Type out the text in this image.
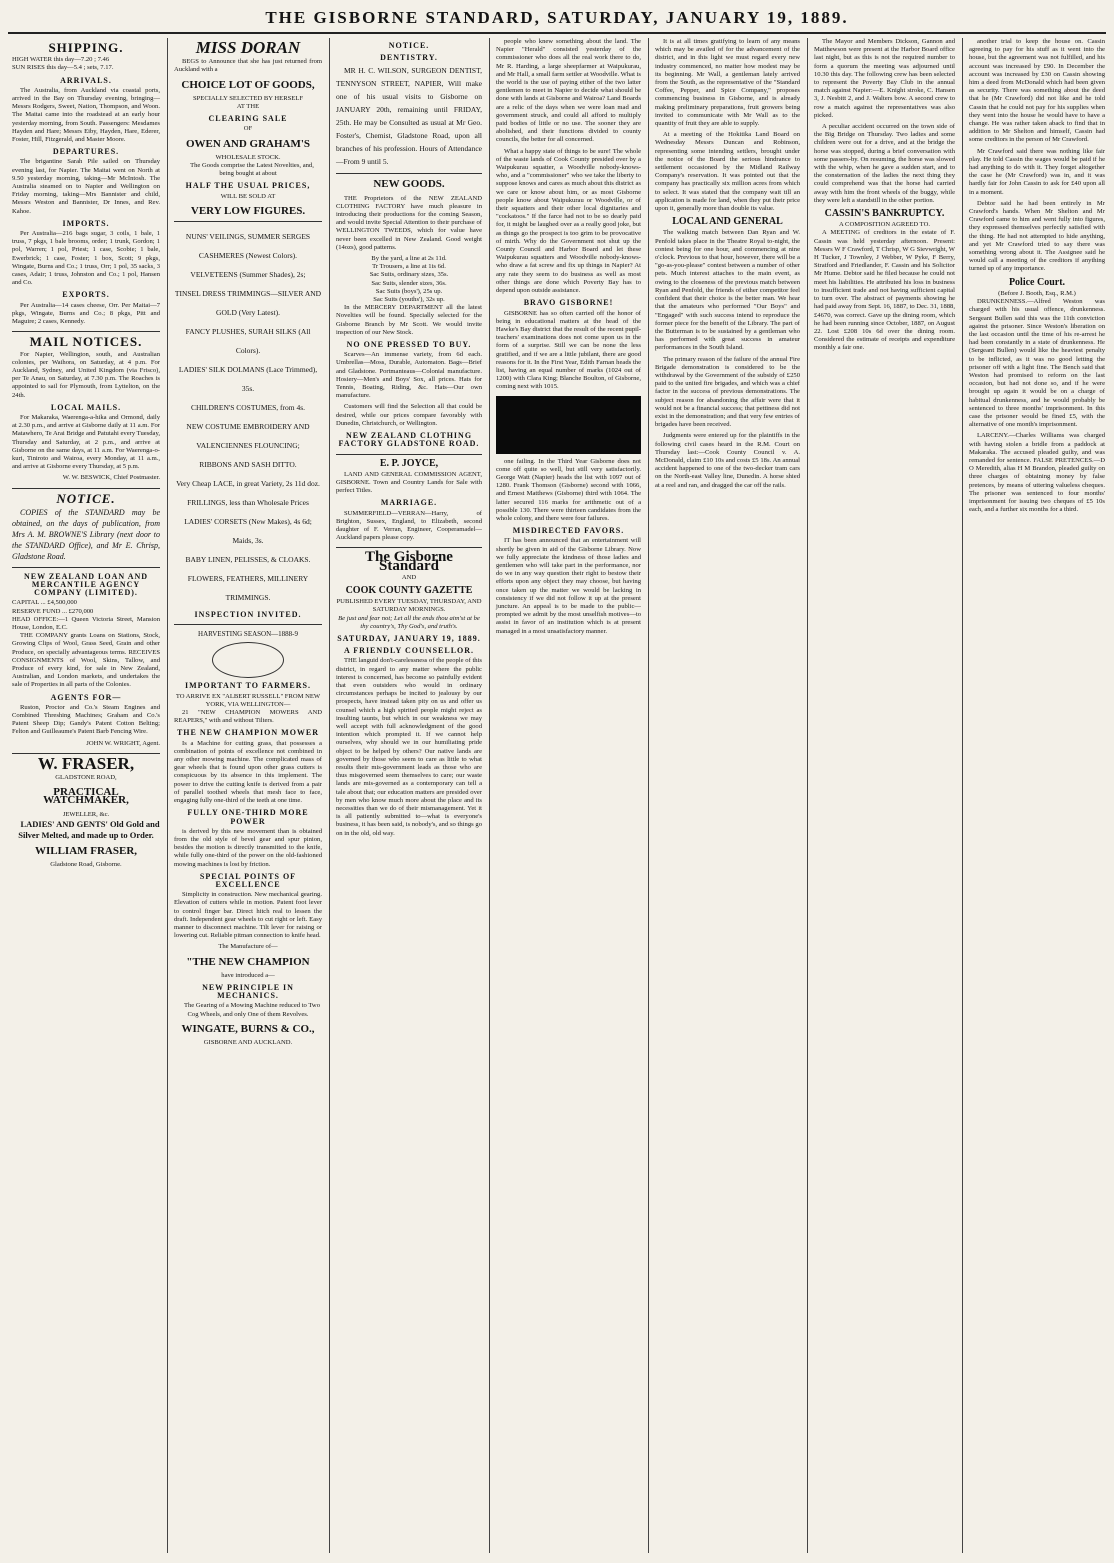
THE GISBORNE STANDARD, SATURDAY, JANUARY 19, 1889.
SHIPPING.
HIGH WATER this day—7.20 ; 7.46
SUN RISES this day—5.4 ; sets, 7.17.
ARRIVALS.

The Australia, from Auckland via coastal ports, arrived in the Bay on Thursday evening, bringing—Messrs Rodgers, Sweet, Nation, Thompson, and Woon. The Maitai came into the roadstead at an early hour yesterday morning, from South. Passengers: Mesdames Hayden and Hare; Messrs Eiby, Hayden, Hare, Ederer, Foster, Hill, Fitzgerald, and Master Moore.

DEPARTURES.

The brigantine Sarah Pile sailed on Thursday evening last, for Napier. The Maitai went on North at 9.50 yesterday morning, taking—Mr McIntosh. The Australia steamed on to Napier and Wellington on Friday morning, taking—Mrs Bannister and child, Messrs Weston and Bannister, Dr Innes, and Rev. Kahoe.

IMPORTS.

Per Australia—216 bags sugar, 3 coils, 1 bale, 1 truss, 7 pkgs, 1 bale brooms, order; 1 trunk, Gordon; 1 pol, Warren; 1 pol, Priest; 1 case, Scobie; 1 bale, Ewerbrick; 1 case, Foster; 1 box, Scott; 9 pkgs, Wingate, Burns and Co.; 1 truss, Orr; 1 pol, 35 sacks, 3 cases, Adair; 1 truss, Johnston and Co.; 1 pol, Hansen and Co.

EXPORTS.

Per Australia—14 cases cheese, Orr. Per Maitai—7 pkgs, Wingate, Burns and Co.; 8 pkgs, Pitt and Maguire; 2 cases, Kennedy.

MAIL NOTICES.

For Napier, Wellington, south, and Australian colonies, per Waihora, on Saturday, at 4 p.m. For Auckland, Sydney, and United Kingdom (via Frisco), per Te Anau, on Saturday, at 7.30 p.m. The Roaches is appointed to sail for Plymouth, from Lyttelton, on the 24th.

LOCAL MAILS.

For Makaraka, Waerenga-a-hika and Ormond, daily at 2.30 p.m., and arrive at Gisborne daily at 11 a.m. For Matawhero, Te Arai Bridge and Patutahi every Tuesday, Thursday and Saturday, at 2 p.m., and arrive at Gisborne on the same days, at 11 a.m. For Waerenga-o-kuri, Tiniroto and Wairoa, every Monday, at 11 a.m., and arrive at Gisborne every Thursday, at 5 p.m.

W. W. BESWICK, Chief Postmaster.
NOTICE.

COPIES of the STANDARD may be obtained, on the days of publication, from Mrs A. M. BROWNE'S Library (next door to the STANDARD Office), and Mr E. Chrisp, Gladstone Road.

NEW ZEALAND LOAN AND MERCANTILE AGENCY COMPANY (LIMITED).
CAPITAL ... £4,500,000
RESERVE FUND ... £270,000
HEAD OFFICE:—1 Queen Victoria Street, Mansion House, London, E.C.

THE COMPANY grants Loans on Stations, Stock, Growing Clips of Wool, Grass Seed, Grain and other Produce, on specially advantageous terms. RECEIVES CONSIGNMENTS of Wool, Skins, Tallow, and Produce of every kind, for sale in New Zealand, Australian, and London markets, and undertakes the sale of Properties in all parts of the Colonies.

AGENTS FOR—

Ruston, Proctor and Co.'s Steam Engines and Combined Threshing Machines; Graham and Co.'s Patent Sheep Dip; Gandy's Patent Cotton Belting; Felton and Guilleaume's Patent Barb Fencing Wire.

JOHN W. WRIGHT, Agent.
W. FRASER,
GLADSTONE ROAD,
PRACTICAL WATCHMAKER,
JEWELLER, &c.

LADIES' AND GENTS' Old Gold and Silver Melted, and made up to Order.

WILLIAM FRASER,
Gladstone Road, Gisborne.
MISS DORAN

BEGS to Announce that she has just returned from Auckland with a

CHOICE LOT OF GOODS,
SPECIALLY SELECTED BY HERSELF
AT THE
CLEARING SALE
OF
OWEN AND GRAHAM'S
WHOLESALE STOCK.

The Goods comprise the Latest Novelties, and, being bought at about

HALF THE USUAL PRICES,
WILL BE SOLD AT
VERY LOW FIGURES.
NUNS' VEILINGS, SUMMER SERGES
CASHMERES (Newest Colors).
VELVETEENS (Summer Shades), 2s;
TINSEL DRESS TRIMMINGS—SILVER AND GOLD (Very Latest).
FANCY PLUSHES, SURAH SILKS (All Colors).
LADIES' SILK DOLMANS (Lace Trimmed), 35s.
CHILDREN'S COSTUMES, from 4s.
NEW COSTUME EMBROIDERY AND VALENCIENNES FLOUNCING;
RIBBONS AND SASH DITTO.
Very Cheap LACE, in great Variety, 2s 11d doz.
FRILLINGS, less than Wholesale Prices
LADIES' CORSETS (New Makes), 4s 6d; Maids, 3s.
BABY LINEN, PELISSES, & CLOAKS.
FLOWERS, FEATHERS, MILLINERY TRIMMINGS.
INSPECTION INVITED.
HARVESTING SEASON—1888-9
IMPORTANT TO FARMERS.
TO ARRIVE EX "ALBERT RUSSELL" FROM NEW YORK, VIA WELLINGTON—

21 "NEW CHAMPION MOWERS AND REAPERS," with and without Tilters.

THE NEW CHAMPION MOWER

Is a Machine for cutting grass, that possesses a combination of points of excellence not combined in any other mowing machine. The complicated mass of gear wheels that is found upon other grass cutters is conspicuous by its absence in this implement. The power to drive the cutting knife is derived from a pair of parallel toothed wheels that mesh face to face, engaging fully one-third of the teeth at one time.

FULLY ONE-THIRD MORE POWER

is derived by this new movement than is obtained from the old style of bevel gear and spur pinion, besides the motion is directly transmitted to the knife, while fully one-third of the power on the old-fashioned mowing machines is lost by friction.

SPECIAL POINTS OF EXCELLENCE

Simplicity in construction. New mechanical gearing. Elevation of cutters while in motion. Patent foot lever to control finger bar. Direct hitch real to lessen the draft. Independent gear wheels to cut right or left. Easy manner to disconnect machine. Tilt lever for raising or lowering cut. Reliable pitman connection to knife head.

The Manufacture of—
"THE NEW CHAMPION
have introduced a—
NEW PRINCIPLE IN MECHANICS.

The Gearing of a Mowing Machine reduced to Two Cog Wheels, and only One of them Revolves.

WINGATE, BURNS & CO.,
GISBORNE AND AUCKLAND.
NOTICE.
DENTISTRY.

MR H. C. WILSON, SURGEON DENTIST, TENNYSON STREET, NAPIER, Will make one of his usual visits to Gisborne on JANUARY 20th, remaining until FRIDAY, 25th. He may be Consulted as usual at Mr Geo. Foster's, Chemist, Gladstone Road, upon all branches of his profession. Hours of Attendance—From 9 until 5.

NEW GOODS.

THE Proprietors of the NEW ZEALAND CLOTHING FACTORY have much pleasure in introducing their productions for the coming Season, and would invite Special Attention to their purchase of WELLINGTON TWEEDS, which for value have never been excelled in New Zealand. Good weight (14ozs), good patterns.

By the yard, a line at 2s 11d.
Tr Trousers, a line at 1is 6d.
Sac Suits, ordinary sizes, 35s.
Sac Suits, slender sizes, 36s.
Sac Suits (boys'), 25s up.
Sac Suits (youths'), 32s up.

In the MERCERY DEPARTMENT all the latest Novelties will be found. Specially selected for the Gisborne Branch by Mr Scott. We would invite inspection of our New Stock.

NO ONE PRESSED TO BUY.

Scarves—An immense variety, from 6d each. Umbrellas—Moss, Durable, Automaton. Bags—Brief and Gladstone. Portmanteaus—Colonial manufacture. Hosiery—Men's and Boys' Sox, all prices. Hats for Tennis, Boating, Riding, &c. Hats—Our own manufacture.

Customers will find the Selection all that could be desired, while our prices compare favorably with Dunedin, Christchurch, or Wellington.

NEW ZEALAND CLOTHING FACTORY GLADSTONE ROAD.
E. P. JOYCE,

LAND AND GENERAL COMMISSION AGENT, GISBORNE. Town and Country Lands for Sale with perfect Titles.

MARRIAGE.

SUMMERFIELD—VERRAN—Harry, of Brighton, Sussex, England, to Elizabeth, second daughter of F. Verran, Engineer, Cooperamadel—Auckland papers please copy.

The Gisborne Standard
AND
COOK COUNTY GAZETTE
PUBLISHED EVERY TUESDAY, THURSDAY, AND SATURDAY MORNINGS.
Be just and fear not; Let all the ends thou aim'st at be thy country's, Thy God's, and truth's.
SATURDAY, JANUARY 19, 1889.
A FRIENDLY COUNSELLOR.

THE languid don't-carelessness of the people of this district, in regard to any matter where the public interest is concerned, has become so painfully evident that even outsiders who would in ordinary circumstances perhaps be incited to jealousy by our prospects, have instead taken pity on us and offer us counsel which a high spirited people might reject as insulting taunts, but which in our weakness we may well accept with full acknowledgment of the good intention which prompted it. If we cannot help ourselves, why should we in our humiliating pride object to be helped by others? Our native lands are governed by those who seem to care as little to what results their mis-government leads as those who are thus misgoverned seem themselves to care; our waste lands are mis-governed as a contemporary can tell a tale about that; our education matters are presided over by men who know much more about the place and its necessities than we do of their mismanagement. Yet it is all patiently submitted to—what is everyone's business, it has been said, is nobody's, and so things go on in the old, old way.

people who knew something about the land. The Napier "Herald" consisted yesterday of the commissioner who does all the real work there to do, Mr R. Harding, a large sheepfarmer at Waipukurau, and Mr Hall, a small farm settler at Woodville. What is the world is the use of paying either of the two latter gentlemen to meet in Napier to decide what should be done with lands at Gisborne and Wairoa? Land Boards are a relic of the days when we were loan mad and government struck, and could all afford to multiply paid bodies of little or no use. The sooner they are abolished, and their functions divided to county councils, the better for all concerned.

What a happy state of things to be sure! The whole of the waste lands of Cook County presided over by a Waipukurau squatter, a Woodville nobody-knows-who, and a "commissioner" who we take the liberty to suppose knows and cares as much about this district as we care or know about him, or as most Gisborne people know about Waipukurau or Woodville, or of their squatters and their other local dignitaries and "cockatoos." If the farce had not to be so dearly paid for, it might be laughed over as a really good joke, but as things go the prospect is too grim to be provocative of mirth. Why do the Government not shut up the County Council and Harbor Board and let these Waipukurau squatters and Woodville nobody-knows-who draw a fat screw and fix up things in Napier? At any rate they seem to do business as well as most other things are done which Poverty Bay has to depend upon outside assistance.

BRAVO GISBORNE!

GISBORNE has so often carried off the honor of being in educational matters at the head of the Hawke's Bay district that the result of the recent pupil-teachers' examinations does not come upon us in the form of a surprise. Still we can be none the less gratified, and if we are a little jubilant, there are good reasons for it. In the First Year, Edith Farnan heads the list, having an equal number of marks (1024 out of 1200) with Clara King; Blanche Boulton, of Gisborne, coming next with 1015.

one failing. In the Third Year Gisborne does not come off quite so well, but still very satisfactorily. George Watt (Napier) heads the list with 1097 out of 1280. Frank Thomson (Gisborne) second with 1066, and Ernest Matthews (Gisborne) third with 1064. The latter secured 116 marks for arithmetic out of a possible 130. There were thirteen candidates from the whole colony, and there were four failures.

MISDIRECTED FAVORS.

IT has been announced that an entertainment will shortly be given in aid of the Gisborne Library. Now we fully appreciate the kindness of those ladies and gentlemen who will take part in the performance, nor do we in any way question their right to bestow their efforts upon any object they may choose, but having once taken up the matter we would be lacking in consistency if we did not follow it up at the present juncture. An appeal is to be made to the public—prompted we admit by the most unselfish motives—to assist in favor of an institution which is at present managed in a most unsatisfactory manner.

It is at all times gratifying to learn of any means which may be availed of for the advancement of the district, and in this light we must regard every new industry commenced, no matter how modest may be its beginning. Mr Wall, a gentleman lately arrived from the South, as the representative of the "Standard Coffee, Pepper, and Spice Company," proposes commencing business in Gisborne, and is already making preliminary preparations, fruit growers being invited to communicate with Mr Wall as to the quantity of fruit they are able to supply.

At a meeting of the Hokitika Land Board on Wednesday Messrs Duncan and Robinson, representing some intending settlers, brought under the notice of the Board the serious hindrance to settlement occasioned by the Midland Railway Company's reservation. It was pointed out that the company has practically six million acres from which to select. It was stated that the company wait till an application is made for land, when they put their price upon it, generally more than double its value.

LOCAL AND GENERAL

The walking match between Dan Ryan and W. Penfold takes place in the Theatre Royal to-night, the contest being for one hour, and commencing at nine o'clock. Previous to that hour, however, there will be a "go-as-you-please" contest between a number of other pets. Much interest attaches to the main event, as owing to the closeness of the previous match between Ryan and Penfold, the friends of either competitor feel confident that their choice is the better man. We hear that the amateurs who performed "Our Boys" and "Engaged" with such success intend to reproduce the former piece for the benefit of the Library. The part of the Butterman is to be sustained by a gentleman who has performed with great success in amateur performances in the South Island.

The primary reason of the failure of the annual Fire Brigade demonstration is considered to be the withdrawal by the Government of the subsidy of £250 paid to the united fire brigades, and which was a chief factor in the success of previous demonstrations. The subject reason for abandoning the affair were that it would not be a financial success; that pettiness did not exist in the demonstration; and that very few entries of brigades have been received.

Judgments were entered up for the plaintiffs in the following civil cases heard in the R.M. Court on Thursday last:—Cook County Council v. A. McDonald, claim £10 10s and costs £5 18s. An annual accident happened to one of the two-decker tram cars on the North-east Valley line, Dunedin. A horse shied at a reel and ran, and dragged the car off the rails.

The Mayor and Members Dickson, Gannon and Matthewson were present at the Harbor Board office last night, but as this is not the required number to form a quorum the meeting was adjourned until 10.30 this day. The following crew has been selected to represent the Poverty Bay Club in the annual match against Napier:—E. Knight stroke, C. Hansen 3, J. Nesbitt 2, and J. Walters bow. A second crew to row a match against the representatives was also picked.

A peculiar accident occurred on the town side of the Big Bridge on Thursday. Two ladies and some children were out for a drive, and at the bridge the horse was stopped, during a brief conversation with some passers-by. On resuming, the horse was slowed with the whip, when he gave a sudden start, and to the consternation of the ladies the next thing they could comprehend was that the horse had carried away with him the front wheels of the buggy, while they were left a standstill in the other portion.

CASSIN'S BANKRUPTCY.
A COMPOSITION AGREED TO.

A MEETING of creditors in the estate of F. Cassin was held yesterday afternoon. Present: Messrs W F Crawford, T Chrisp, W G Sievwright, W H Tucker, J Townley, J Webber, W Pyke, F Berry, Stratford and Friedlander, F. Cassin and his Solicitor Mr Hume. Debtor said he filed because he could not meet his liabilities. He attributed his loss in business to insufficient trade and not having sufficient capital to turn over. The abstract of payments showing he had paid away from Sept. 16, 1887, to Dec. 31, 1888, £4670, was correct. Gave up the dining room, which he had been running since October, 1887, on August 22. Lost £208 10s 6d over the dining room. Considered the estimate of receipts and expenditure monthly a fair one.

another trial to keep the house on. Cassin agreeing to pay for his stuff as it went into the house, but the agreement was not fulfilled, and his account was increased by £90. In December the account was increased by £30 on Cassin showing him a deed from McDonald which had been given as security. There was something about the deed that he (Mr Crawford) did not like and he told Cassin that he could not pay for his supplies when they went into the house he would have to have a change. He was rather taken aback to find that in addition to Mr Shelton and himself, Cassin had some creditors in the person of Mr Crawford.

Mr Crawford said there was nothing like fair play. He told Cassin the wages would be paid if he had anything to do with it. They forget altogether the case he (Mr Crawford) was in, and it was hardly fair for John Cassin to ask for £40 upon all in a moment.

Debtor said he had been entirely in Mr Crawford's hands. When Mr Shelton and Mr Crawford came to him and went fully into figures, they expressed themselves perfectly satisfied with the thing. He had not attempted to hide anything, and yet Mr Crawford tried to say there was something wrong about it. The Assignee said he would call a meeting of the creditors if anything turned up of any importance.

Police Court.
(Before J. Booth, Esq., R.M.)

DRUNKENNESS.—Alfred Weston was charged with his usual offence, drunkenness. Sergeant Bullen said this was the 11th conviction against the prisoner. Since Weston's liberation on the last occasion until the time of his re-arrest he had been constantly in a state of drunkenness. He (Sergeant Bullen) would like the heaviest penalty to be inflicted, as it was no good letting the prisoner off with a light fine. The Bench said that Weston had promised to reform on the last occasion, but had not done so, and if he were brought up again it would be on a charge of habitual drunkenness, and he would probably be sentenced to three months' imprisonment. In this case the prisoner would be fined £5, with the alternative of one month's imprisonment.

LARCENY.—Charles Williams was charged with having stolen a bridle from a paddock at Makaraka. The accused pleaded guilty, and was remanded for sentence. FALSE PRETENCES.—D O Meredith, alias H M Brandon, pleaded guilty on three charges of obtaining money by false pretences, by means of uttering valueless cheques. The prisoner was sentenced to four months' imprisonment for issuing two cheques of £5 10s each, and a further six months for a third.
